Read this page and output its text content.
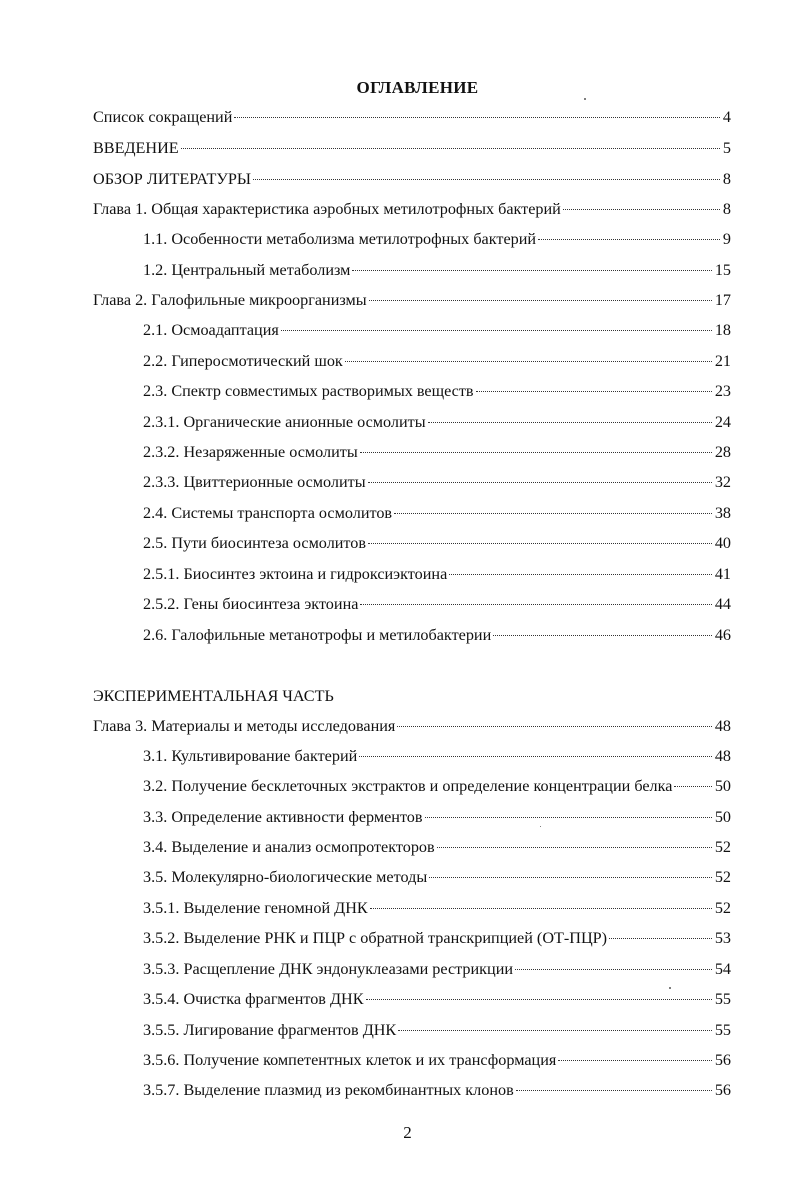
ОГЛАВЛЕНИЕ
Список сокращений	4
ВВЕДЕНИЕ	5
ОБЗОР ЛИТЕРАТУРЫ	8
Глава 1. Общая характеристика аэробных метилотрофных бактерий	8
1.1. Особенности метаболизма метилотрофных бактерий	9
1.2. Центральный метаболизм	15
Глава 2. Галофильные микроорганизмы	17
2.1. Осмоадаптация	18
2.2. Гиперосмотический шок	21
2.3. Спектр совместимых растворимых веществ	23
2.3.1. Органические анионные осмолиты	24
2.3.2. Незаряженные осмолиты	28
2.3.3. Цвиттерионные осмолиты	32
2.4. Системы транспорта осмолитов	38
2.5. Пути биосинтеза осмолитов	40
2.5.1. Биосинтез эктоина и гидроксиэктоина	41
2.5.2. Гены биосинтеза эктоина	44
2.6. Галофильные метанотрофы и метилобактерии	46
ЭКСПЕРИМЕНТАЛЬНАЯ ЧАСТЬ
Глава 3. Материалы и методы исследования	48
3.1. Культивирование бактерий	48
3.2. Получение бесклеточных экстрактов и определение концентрации белка	50
3.3. Определение активности ферментов	50
3.4. Выделение и анализ осмопротекторов	52
3.5. Молекулярно-биологические методы	52
3.5.1. Выделение геномной ДНК	52
3.5.2. Выделение РНК и ПЦР с обратной транскрипцией (ОТ-ПЦР)	53
3.5.3. Расщепление ДНК эндонуклеазами рестрикции	54
3.5.4. Очистка фрагментов ДНК	55
3.5.5. Лигирование фрагментов ДНК	55
3.5.6. Получение компетентных клеток и их трансформация	56
3.5.7. Выделение плазмид из рекомбинантных клонов	56
2
